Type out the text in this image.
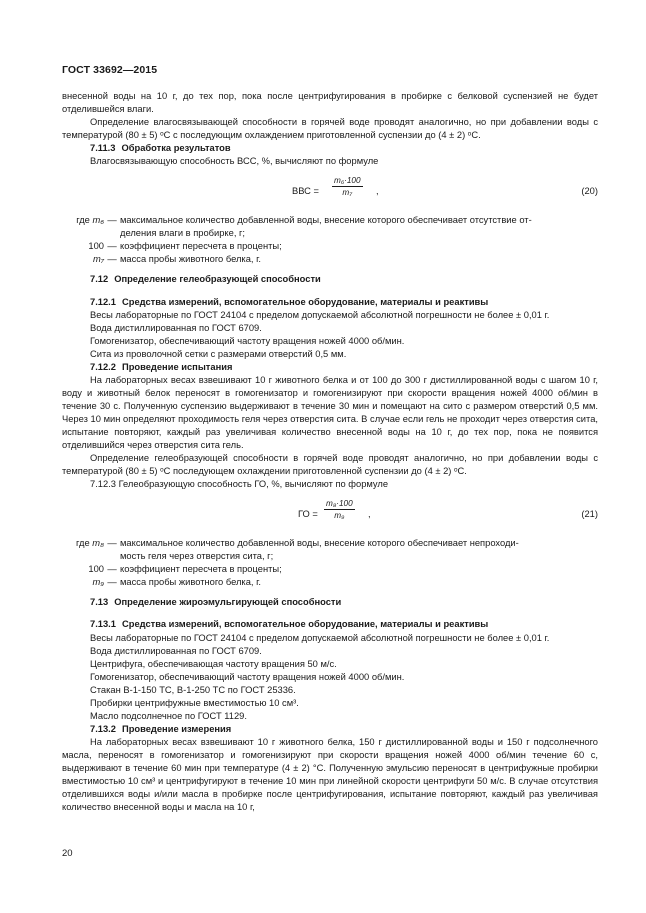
ГОСТ 33692—2015

внесенной воды на 10 г, до тех пор, пока после центрифугирования в пробирке с белковой суспензией не будет отделившейся влаги.

Определение влагосвязывающей способности в горячей воде проводят аналогично, но при добавлении воды с температурой (80 ± 5) ᵒC с последующим охлаждением приготовленной суспензии до (4 ± 2) ᵒC.

7.11.3 Обработка результатов

Влагосвязывающую способность ВСС, %, вычисляют по формуле

ВВС = $\frac{\text{m₆·100}}{\text{m₇}}$ ,	(20)
где m₆ — максимальное количество добавленной воды, внесение которого обеспечивает отсутствие от-
деления влаги в пробирке, г;
100 — коэффициент пересчета в проценты;
m₇ — масса пробы животного белка, г.

7.12 Определение гелеобразующей способности

7.12.1 Средства измерений, вспомогательное оборудование, материалы и реактивы

Весы лабораторные по ГОСТ 24104 с пределом допускаемой абсолютной погрешности не более ± 0,01 г.

Вода дистиллированная по ГОСТ 6709.

Гомогенизатор, обеспечивающий частоту вращения ножей 4000 об/мин.

Сита из проволочной сетки с размерами отверстий 0,5 мм.

7.12.2 Проведение испытания

На лабораторных весах взвешивают 10 г животного белка и от 100 до 300 г дистиллированной воды с шагом 10 г, воду и животный белок переносят в гомогенизатор и гомогенизируют при скорости вращения ножей 4000 об/мин в течение 30 с. Полученную суспензию выдерживают в течение 30 мин и помещают на сито с размером отверстий 0,5 мм. Через 10 мин определяют проходимость геля через отверстия сита. В случае если гель не проходит через отверстия сита, испытание повторяют, каждый раз увеличивая количество внесенной воды на 10 г, до тех пор, пока не появится отделившийся через отверстия сита гель.

Определение гелеобразующей способности в горячей воде проводят аналогично, но при добавлении воды с температурой (80 ± 5) ᵒC последующем охлаждении приготовленной суспензии до (4 ± 2) ᵒC.

7.12.3 Гелеобразующую способность ГО, %, вычисляют по формуле

ГО = $\frac{\text{m₈·100}}{\text{m₉}}$ ,	(21)
где m₈ — максимальное количество добавленной воды, внесение которого обеспечивает непроходи-
мость геля через отверстия сита, г;
100 — коэффициент пересчета в проценты;
m₉ — масса пробы животного белка, г.

7.13 Определение жироэмульгирующей способности

7.13.1 Средства измерений, вспомогательное оборудование, материалы и реактивы

Весы лабораторные по ГОСТ 24104 с пределом допускаемой абсолютной погрешности не более ± 0,01 г.

Вода дистиллированная по ГОСТ 6709.

Центрифуга, обеспечивающая частоту вращения 50 м/с.

Гомогенизатор, обеспечивающий частоту вращения ножей 4000 об/мин.

Стакан В-1-150 ТС, В-1-250 ТС по ГОСТ 25336.

Пробирки центрифужные вместимостью 10 см³.

Масло подсолнечное по ГОСТ 1129.

7.13.2 Проведение измерения

На лабораторных весах взвешивают 10 г животного белка, 150 г дистиллированной воды и 150 г подсолнечного масла, переносят в гомогенизатор и гомогенизируют при скорости вращения ножей 4000 об/мин течение 60 с, выдерживают в течение 60 мин при температуре (4 ± 2) °С. Полученную эмульсию переносят в центрифужные пробирки вместимостью 10 см³ и центрифугируют в течение 10 мин при линейной скорости центрифуги 50 м/с. В случае отсутствия отделившихся воды и/или масла в пробирке после центрифугирования, испытание повторяют, каждый раз увеличивая количество внесенной воды и масла на 10 г,

20
